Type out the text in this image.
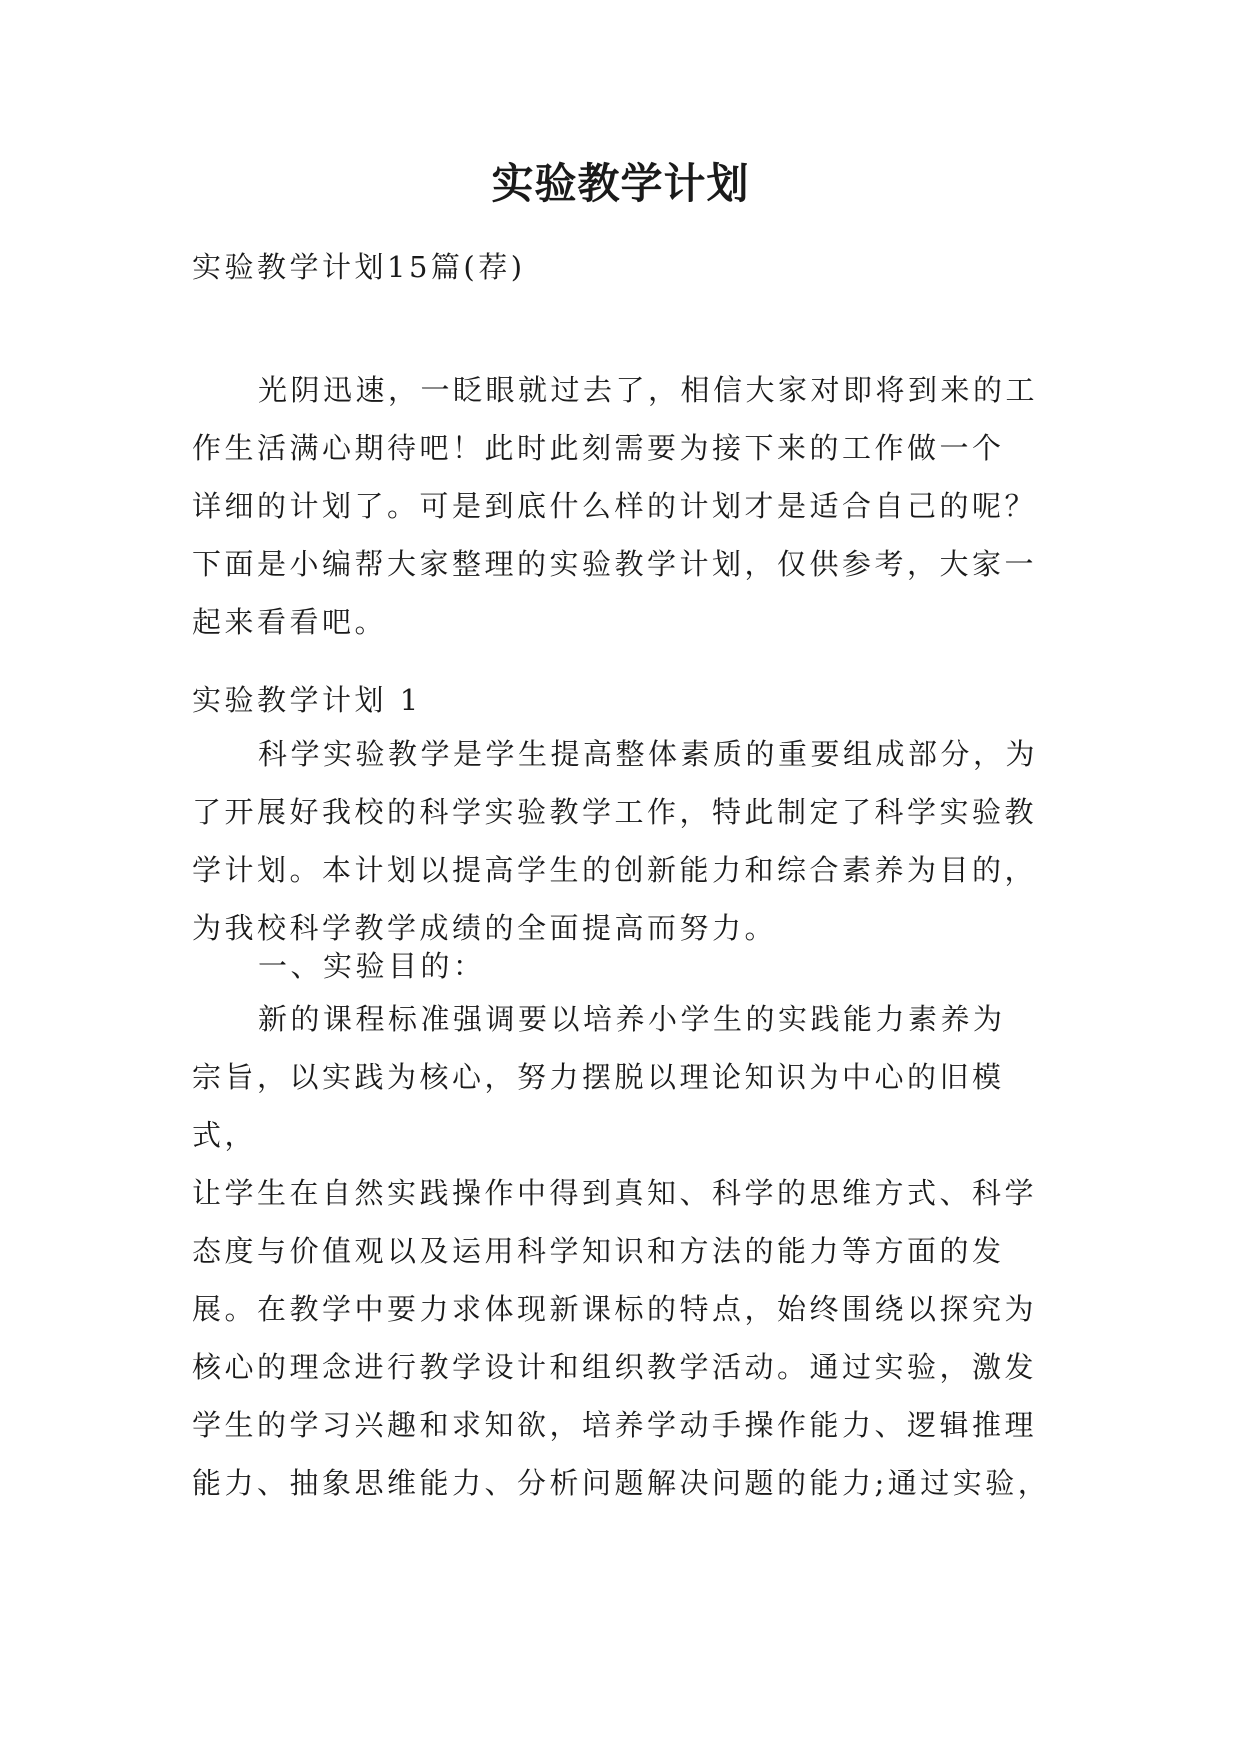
实验教学计划

实验教学计划15篇(荐)

光阴迅速，一眨眼就过去了，相信大家对即将到来的工
作生活满心期待吧！此时此刻需要为接下来的工作做一个
详细的计划了。可是到底什么样的计划才是适合自己的呢？
下面是小编帮大家整理的实验教学计划，仅供参考，大家一
起来看看吧。

实验教学计划 1

科学实验教学是学生提高整体素质的重要组成部分，为
了开展好我校的科学实验教学工作，特此制定了科学实验教
学计划。本计划以提高学生的创新能力和综合素养为目的，
为我校科学教学成绩的全面提高而努力。

一、实验目的：

新的课程标准强调要以培养小学生的实践能力素养为
宗旨，以实践为核心，努力摆脱以理论知识为中心的旧模式，
让学生在自然实践操作中得到真知、科学的思维方式、科学
态度与价值观以及运用科学知识和方法的能力等方面的发
展。在教学中要力求体现新课标的特点，始终围绕以探究为
核心的理念进行教学设计和组织教学活动。通过实验，激发
学生的学习兴趣和求知欲，培养学动手操作能力、逻辑推理
能力、抽象思维能力、分析问题解决问题的能力;通过实验，
